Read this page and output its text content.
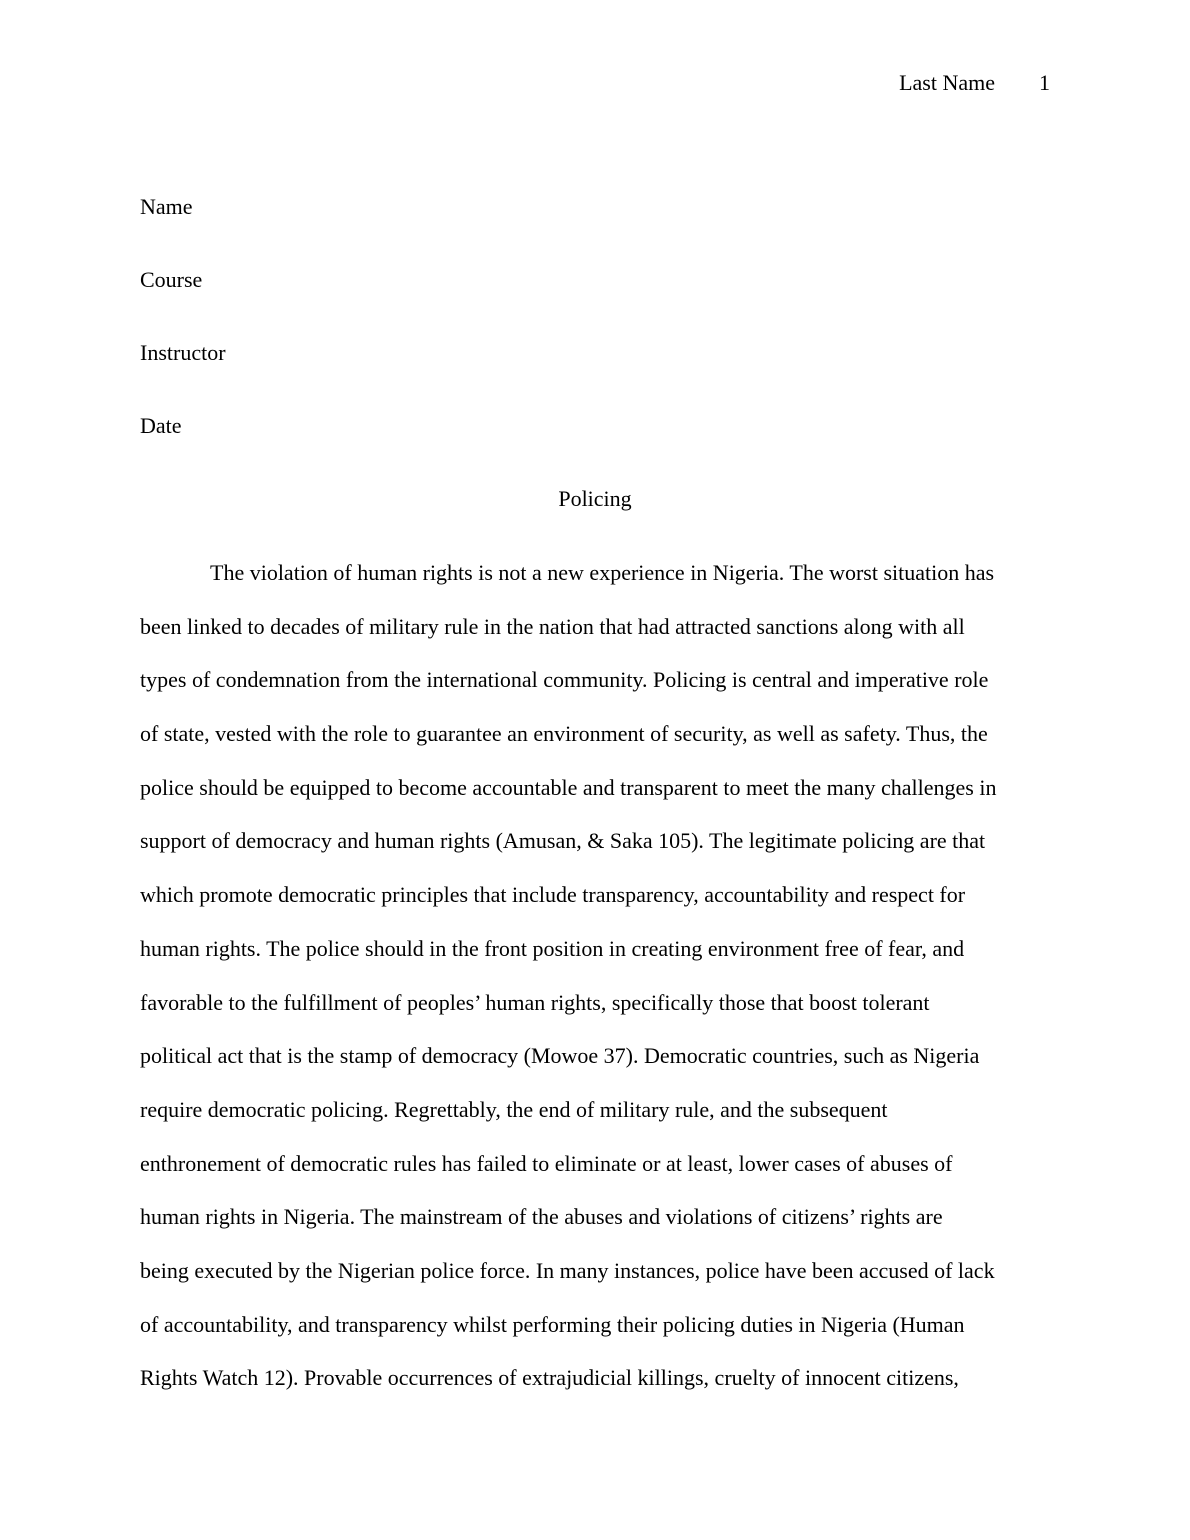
Last Name 1
Name
Course
Instructor
Date
Policing
The violation of human rights is not a new experience in Nigeria. The worst situation has
been linked to decades of military rule in the nation that had attracted sanctions along with all
types of condemnation from the international community. Policing is central and imperative role
of state, vested with the role to guarantee an environment of security, as well as safety. Thus, the
police should be equipped to become accountable and transparent to meet the many challenges in
support of democracy and human rights (Amusan, & Saka 105). The legitimate policing are that
which promote democratic principles that include transparency, accountability and respect for
human rights. The police should in the front position in creating environment free of fear, and
favorable to the fulfillment of peoples’ human rights, specifically those that boost tolerant
political act that is the stamp of democracy (Mowoe 37). Democratic countries, such as Nigeria
require democratic policing. Regrettably, the end of military rule, and the subsequent
enthronement of democratic rules has failed to eliminate or at least, lower cases of abuses of
human rights in Nigeria. The mainstream of the abuses and violations of citizens’ rights are
being executed by the Nigerian police force. In many instances, police have been accused of lack
of accountability, and transparency whilst performing their policing duties in Nigeria (Human
Rights Watch 12). Provable occurrences of extrajudicial killings, cruelty of innocent citizens,
